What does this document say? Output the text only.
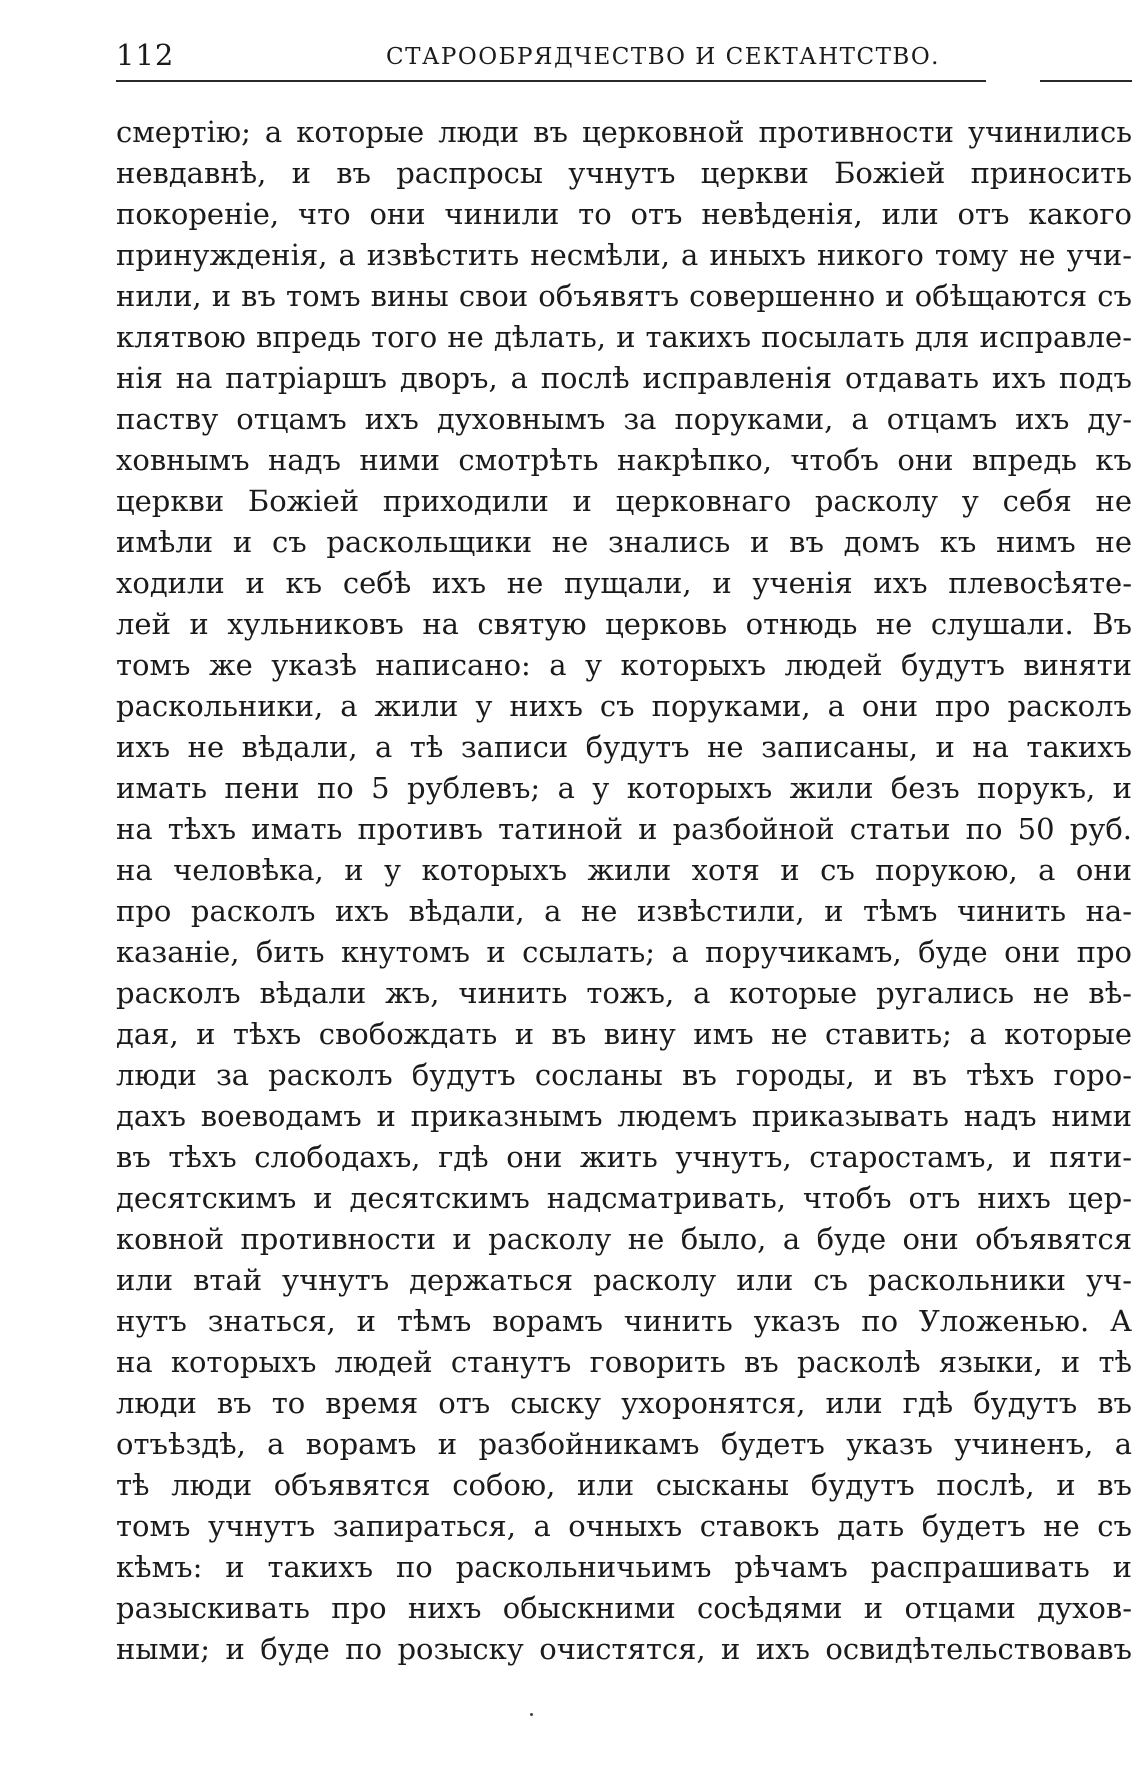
112	СТАРООБРЯДЧЕСТВО И СЕКТАНТСТВО.
смертію; а которые люди въ церковной противности учинились
невдавнѣ, и въ распросы учнутъ церкви Божіей приносить
покореніе, что они чинили то отъ невѣденія, или отъ какого
принужденія, а извѣстить несмѣли, а иныхъ никого тому не учи-
нили, и въ томъ вины свои объявятъ совершенно и обѣщаются съ
клятвою впредь того не дѣлать, и такихъ посылать для исправле-
нія на патріаршъ дворъ, а послѣ исправленія отдавать ихъ подъ
паству отцамъ ихъ духовнымъ за поруками, а отцамъ ихъ ду-
ховнымъ надъ ними смотрѣть накрѣпко, чтобъ они впредь къ
церкви Божіей приходили и церковнаго расколу у себя не
имѣли и съ раскольщики не знались и въ домъ къ нимъ не
ходили и къ себѣ ихъ не пущали, и ученія ихъ плевосѣяте-
лей и хульниковъ на святую церковь отнюдь не слушали. Въ
томъ же указѣ написано: а у которыхъ людей будутъ виняти
раскольники, а жили у нихъ съ поруками, а они про расколъ
ихъ не вѣдали, а тѣ записи будутъ не записаны, и на такихъ
имать пени по 5 рублевъ; а у которыхъ жили безъ порукъ, и
на тѣхъ имать противъ татиной и разбойной статьи по 50 руб.
на человѣка, и у которыхъ жили хотя и съ порукою, а они
про расколъ ихъ вѣдали, а не извѣстили, и тѣмъ чинить на-
казаніе, бить кнутомъ и ссылать; а поручикамъ, буде они про
расколъ вѣдали жъ, чинить тожъ, а которые ругались не вѣ-
дая, и тѣхъ свобождать и въ вину имъ не ставить; а которые
люди за расколъ будутъ сосланы въ городы, и въ тѣхъ горо-
дахъ воеводамъ и приказнымъ людемъ приказывать надъ ними
въ тѣхъ слободахъ, гдѣ они жить учнутъ, старостамъ, и пяти-
десятскимъ и десятскимъ надсматривать, чтобъ отъ нихъ цер-
ковной противности и расколу не было, а буде они объявятся
или втай учнутъ держаться расколу или съ раскольники уч-
нутъ знаться, и тѣмъ ворамъ чинить указъ по Уложенью. А
на которыхъ людей станутъ говорить въ расколѣ языки, и тѣ
люди въ то время отъ сыску ухоронятся, или гдѣ будутъ въ
отъѣздѣ, а ворамъ и разбойникамъ будетъ указъ учиненъ, а
тѣ люди объявятся собою, или сысканы будутъ послѣ, и въ
томъ учнутъ запираться, а очныхъ ставокъ дать будетъ не съ
кѣмъ: и такихъ по раскольничьимъ рѣчамъ распрашивать и
разыскивать про нихъ обыскними сосѣдями и отцами духов-
ными; и буде по розыску очистятся, и ихъ освидѣтельствовавъ
